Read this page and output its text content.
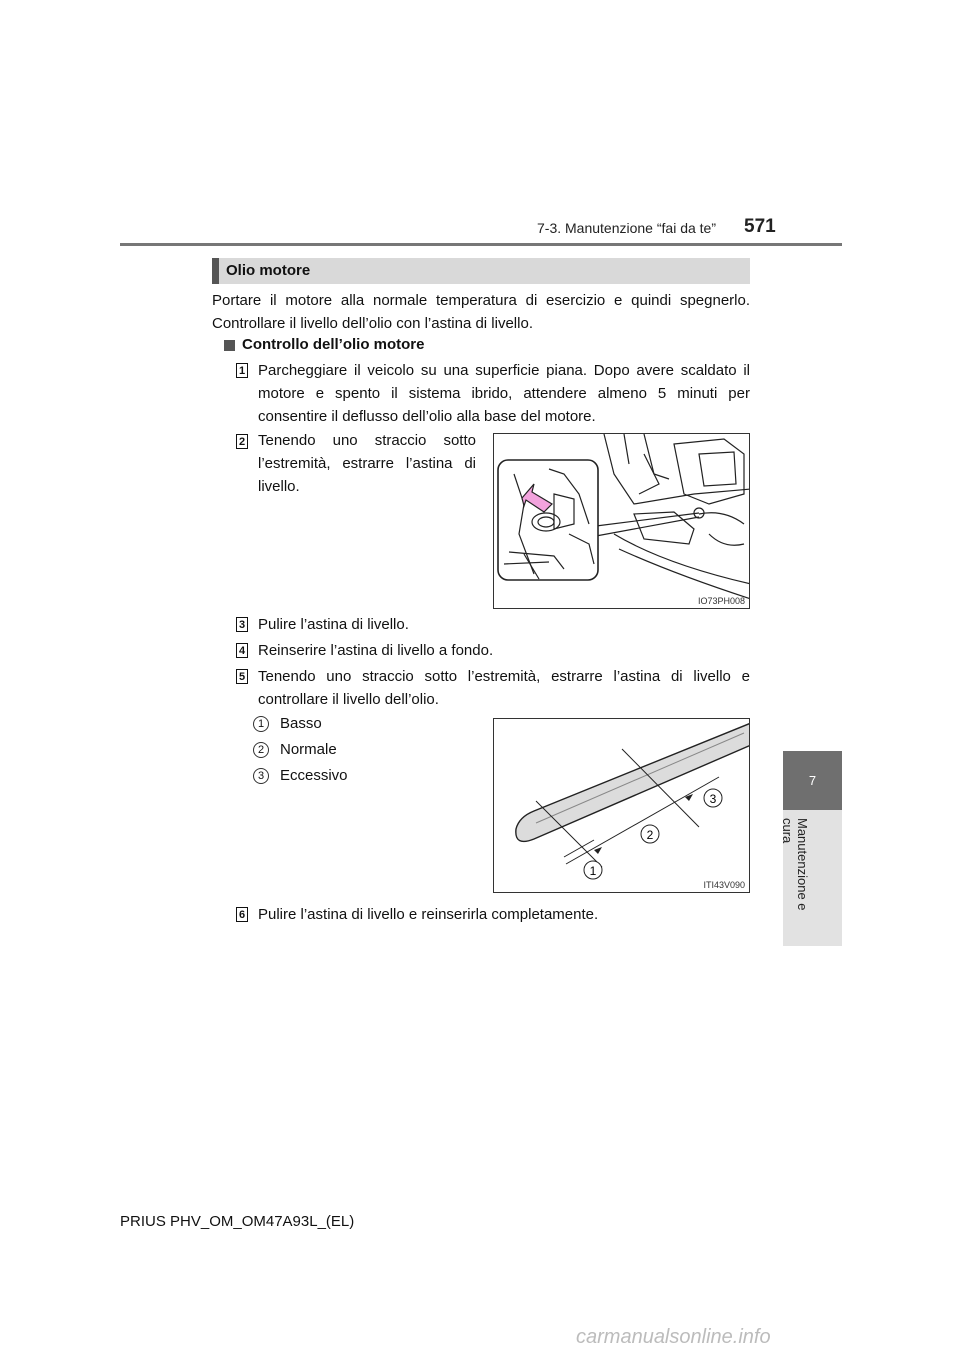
7-3. Manutenzione “fai da te” 571
7
Manutenzione e cura
Olio motore
Portare il motore alla normale temperatura di esercizio e quindi spegnerlo. Controllare il livello dell’olio con l’astina di livello.
Controllo dell’olio motore
1 Parcheggiare il veicolo su una superficie piana. Dopo avere scaldato il motore e spento il sistema ibrido, attendere almeno 5 minuti per consentire il deflusso dell’olio alla base del motore.
2 Tenendo uno straccio sotto l’estremità, estrarre l’astina di livello.
IO73PH008
3 Pulire l’astina di livello.
4 Reinserire l’astina di livello a fondo.
5 Tenendo uno straccio sotto l’estremità, estrarre l’astina di livello e controllare il livello dell’olio.
1	Basso
2	Normale
3	Eccessivo
1
2
3
ITI43V090
6 Pulire l’astina di livello e reinserirla completamente.
PRIUS PHV_OM_OM47A93L_(EL)
carmanualsonline.info
